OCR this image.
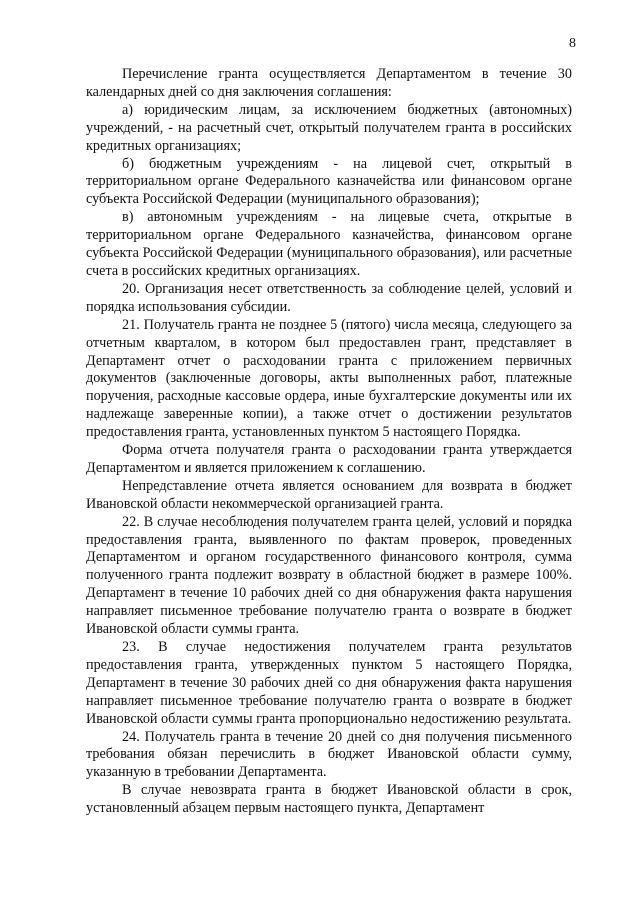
8

Перечисление гранта осуществляется Департаментом в течение 30 календарных дней со дня заключения соглашения:

а) юридическим лицам, за исключением бюджетных (автономных) учреждений, - на расчетный счет, открытый получателем гранта в российских кредитных организациях;

б) бюджетным учреждениям - на лицевой счет, открытый в территориальном органе Федерального казначейства или финансовом органе субъекта Российской Федерации (муниципального образования);

в) автономным учреждениям - на лицевые счета, открытые в территориальном органе Федерального казначейства, финансовом органе субъекта Российской Федерации (муниципального образования), или расчетные счета в российских кредитных организациях.

20. Организация несет ответственность за соблюдение целей, условий и порядка использования субсидии.

21. Получатель гранта не позднее 5 (пятого) числа месяца, следующего за отчетным кварталом, в котором был предоставлен грант, представляет в Департамент отчет о расходовании гранта с приложением первичных документов (заключенные договоры, акты выполненных работ, платежные поручения, расходные кассовые ордера, иные бухгалтерские документы или их надлежаще заверенные копии), а также отчет о достижении результатов предоставления гранта, установленных пунктом 5 настоящего Порядка.

Форма отчета получателя гранта о расходовании гранта утверждается Департаментом и является приложением к соглашению.

Непредставление отчета является основанием для возврата в бюджет Ивановской области некоммерческой организацией гранта.

22. В случае несоблюдения получателем гранта целей, условий и порядка предоставления гранта, выявленного по фактам проверок, проведенных Департаментом и органом государственного финансового контроля, сумма полученного гранта подлежит возврату в областной бюджет в размере 100%. Департамент в течение 10 рабочих дней со дня обнаружения факта нарушения направляет письменное требование получателю гранта о возврате в бюджет Ивановской области суммы гранта.

23. В случае недостижения получателем гранта результатов предоставления гранта, утвержденных пунктом 5 настоящего Порядка, Департамент в течение 30 рабочих дней со дня обнаружения факта нарушения направляет письменное требование получателю гранта о возврате в бюджет Ивановской области суммы гранта пропорционально недостижению результата.

24. Получатель гранта в течение 20 дней со дня получения письменного требования обязан перечислить в бюджет Ивановской области сумму, указанную в требовании Департамента.

В случае невозврата гранта в бюджет Ивановской области в срок, установленный абзацем первым настоящего пункта, Департамент
